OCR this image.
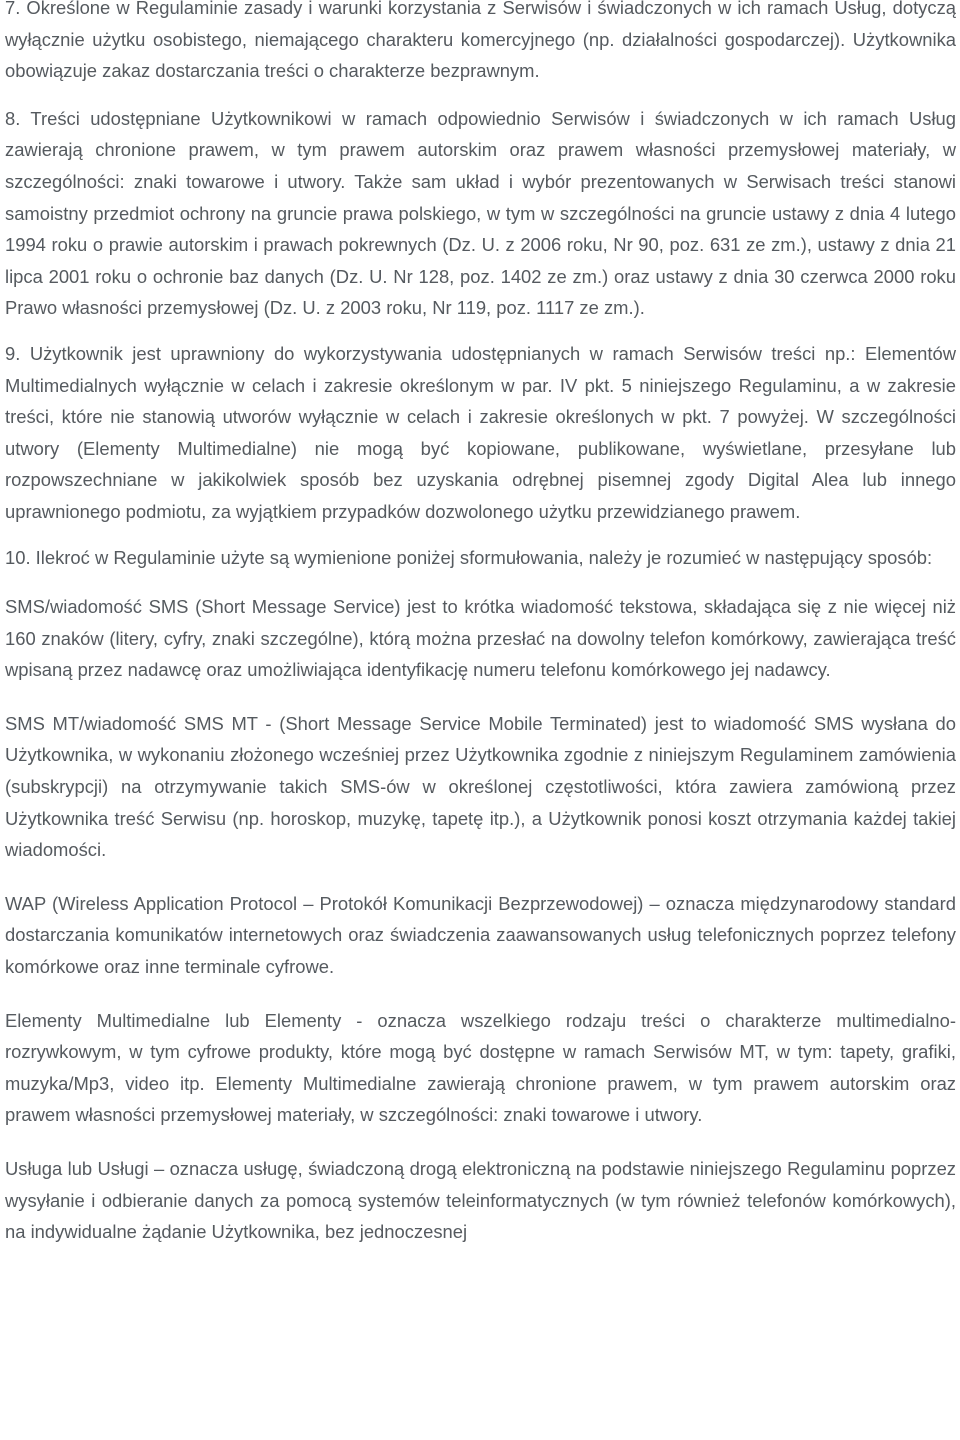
7. Określone w Regulaminie zasady i warunki korzystania z Serwisów i świadczonych w ich ramach Usług, dotyczą wyłącznie użytku osobistego, niemającego charakteru komercyjnego (np. działalności gospodarczej). Użytkownika obowiązuje zakaz dostarczania treści o charakterze bezprawnym.

8. Treści udostępniane Użytkownikowi w ramach odpowiednio Serwisów i świadczonych w ich ramach Usług zawierają chronione prawem, w tym prawem autorskim oraz prawem własności przemysłowej materiały, w szczególności: znaki towarowe i utwory. Także sam układ i wybór prezentowanych w Serwisach treści stanowi samoistny przedmiot ochrony na gruncie prawa polskiego, w tym w szczególności na gruncie ustawy z dnia 4 lutego 1994 roku o prawie autorskim i prawach pokrewnych (Dz. U. z 2006 roku, Nr 90, poz. 631 ze zm.), ustawy z dnia 21 lipca 2001 roku o ochronie baz danych (Dz. U. Nr 128, poz. 1402 ze zm.) oraz ustawy z dnia 30 czerwca 2000 roku Prawo własności przemysłowej (Dz. U. z 2003 roku, Nr 119, poz. 1117 ze zm.).

9. Użytkownik jest uprawniony do wykorzystywania udostępnianych w ramach Serwisów treści np.: Elementów Multimedialnych wyłącznie w celach i zakresie określonym w par. IV pkt. 5 niniejszego Regulaminu, a w zakresie treści, które nie stanowią utworów wyłącznie w celach i zakresie określonych w pkt. 7 powyżej. W szczególności utwory (Elementy Multimedialne) nie mogą być kopiowane, publikowane, wyświetlane, przesyłane lub rozpowszechniane w jakikolwiek sposób bez uzyskania odrębnej pisemnej zgody Digital Alea lub innego uprawnionego podmiotu, za wyjątkiem przypadków dozwolonego użytku przewidzianego prawem.

10. Ilekroć w Regulaminie użyte są wymienione poniżej sformułowania, należy je rozumieć w następujący sposób:

SMS/wiadomość SMS (Short Message Service) jest to krótka wiadomość tekstowa, składająca się z nie więcej niż 160 znaków (litery, cyfry, znaki szczególne), którą można przesłać na dowolny telefon komórkowy, zawierająca treść wpisaną przez nadawcę oraz umożliwiająca identyfikację numeru telefonu komórkowego jej nadawcy.

SMS MT/wiadomość SMS MT - (Short Message Service Mobile Terminated) jest to wiadomość SMS wysłana do Użytkownika, w wykonaniu złożonego wcześniej przez Użytkownika zgodnie z niniejszym Regulaminem zamówienia (subskrypcji) na otrzymywanie takich SMS-ów w określonej częstotliwości, która zawiera zamówioną przez Użytkownika treść Serwisu (np. horoskop, muzykę, tapetę itp.), a Użytkownik ponosi koszt otrzymania każdej takiej wiadomości.

WAP (Wireless Application Protocol – Protokół Komunikacji Bezprzewodowej) – oznacza międzynarodowy standard dostarczania komunikatów internetowych oraz świadczenia zaawansowanych usług telefonicznych poprzez telefony komórkowe oraz inne terminale cyfrowe.

Elementy Multimedialne lub Elementy - oznacza wszelkiego rodzaju treści o charakterze multimedialno-rozrywkowym, w tym cyfrowe produkty, które mogą być dostępne w ramach Serwisów MT, w tym: tapety, grafiki, muzyka/Mp3, video itp. Elementy Multimedialne zawierają chronione prawem, w tym prawem autorskim oraz prawem własności przemysłowej materiały, w szczególności: znaki towarowe i utwory.

Usługa lub Usługi – oznacza usługę, świadczoną drogą elektroniczną na podstawie niniejszego Regulaminu poprzez wysyłanie i odbieranie danych za pomocą systemów teleinformatycznych (w tym również telefonów komórkowych), na indywidualne żądanie Użytkownika, bez jednoczesnej
